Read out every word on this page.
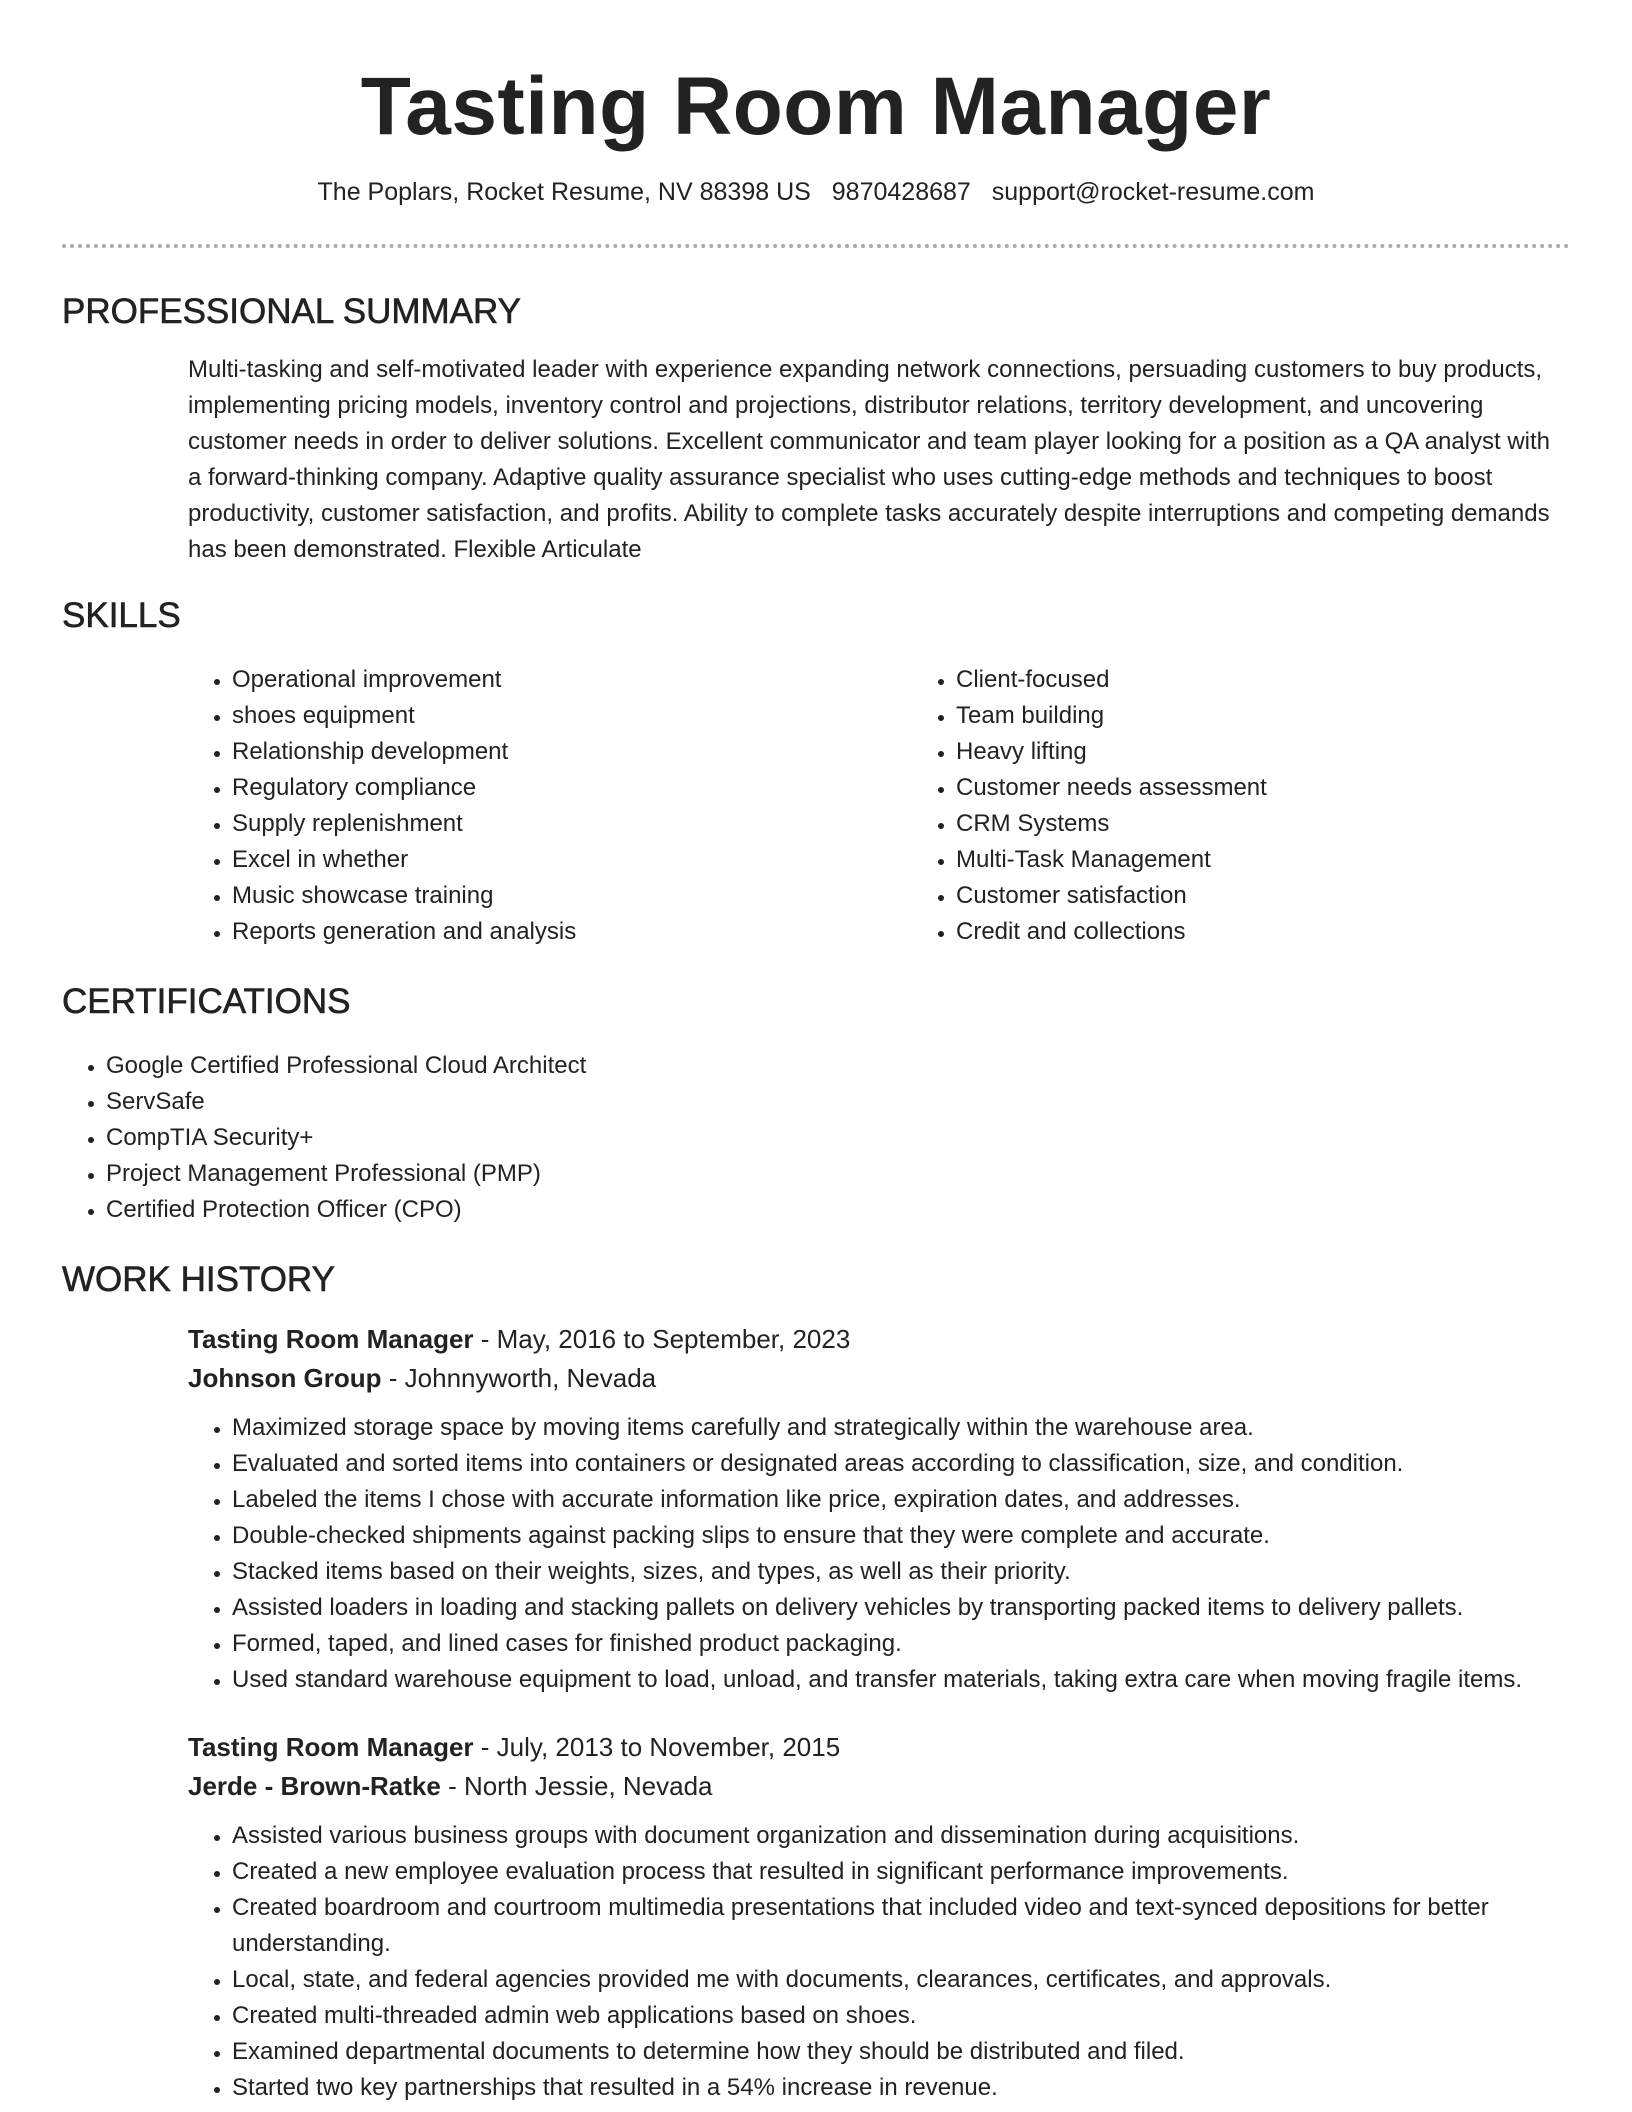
Tasting Room Manager
The Poplars, Rocket Resume, NV 88398 US 9870428687 support@rocket-resume.com
PROFESSIONAL SUMMARY
Multi-tasking and self-motivated leader with experience expanding network connections, persuading customers to buy products, implementing pricing models, inventory control and projections, distributor relations, territory development, and uncovering customer needs in order to deliver solutions. Excellent communicator and team player looking for a position as a QA analyst with a forward-thinking company. Adaptive quality assurance specialist who uses cutting-edge methods and techniques to boost productivity, customer satisfaction, and profits. Ability to complete tasks accurately despite interruptions and competing demands has been demonstrated. Flexible Articulate
SKILLS
• Operational improvement
• shoes equipment
• Relationship development
• Regulatory compliance
• Supply replenishment
• Excel in whether
• Music showcase training
• Reports generation and analysis
• Client-focused
• Team building
• Heavy lifting
• Customer needs assessment
• CRM Systems
• Multi-Task Management
• Customer satisfaction
• Credit and collections
CERTIFICATIONS
• Google Certified Professional Cloud Architect
• ServSafe
• CompTIA Security+
• Project Management Professional (PMP)
• Certified Protection Officer (CPO)
WORK HISTORY
Tasting Room Manager - May, 2016 to September, 2023
Johnson Group - Johnnyworth, Nevada
• Maximized storage space by moving items carefully and strategically within the warehouse area.
• Evaluated and sorted items into containers or designated areas according to classification, size, and condition.
• Labeled the items I chose with accurate information like price, expiration dates, and addresses.
• Double-checked shipments against packing slips to ensure that they were complete and accurate.
• Stacked items based on their weights, sizes, and types, as well as their priority.
• Assisted loaders in loading and stacking pallets on delivery vehicles by transporting packed items to delivery pallets.
• Formed, taped, and lined cases for finished product packaging.
• Used standard warehouse equipment to load, unload, and transfer materials, taking extra care when moving fragile items.
Tasting Room Manager - July, 2013 to November, 2015
Jerde - Brown-Ratke - North Jessie, Nevada
• Assisted various business groups with document organization and dissemination during acquisitions.
• Created a new employee evaluation process that resulted in significant performance improvements.
• Created boardroom and courtroom multimedia presentations that included video and text-synced depositions for better understanding.
• Local, state, and federal agencies provided me with documents, clearances, certificates, and approvals.
• Created multi-threaded admin web applications based on shoes.
• Examined departmental documents to determine how they should be distributed and filed.
• Started two key partnerships that resulted in a 54% increase in revenue.
